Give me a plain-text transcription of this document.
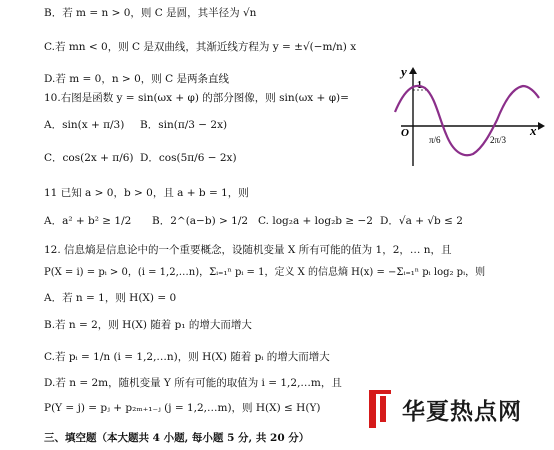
B．若 m = n > 0，则 C 是圆，其半径为 √n
C.若 mn < 0，则 C 是双曲线，其渐近线方程为 y = ±√(−m/n) x
D.若 m = 0，n > 0，则 C 是两条直线
10.右图是函数 y = sin(ωx + φ) 的部分图像，则 sin(ωx + φ)=
A．sin(x + π/3) B．sin(π/3 − 2x)
C．cos(2x + π/6) D．cos(5π/6 − 2x)
y
x
O
1
π/6	2π/3
11 已知 a > 0，b > 0，且 a + b = 1，则
A．a² + b² ≥ 1/2 B．2^(a−b) > 1/2 C. log₂a + log₂b ≥ −2 D．√a + √b ≤ 2
12. 信息熵是信息论中的一个重要概念，设随机变量 X 所有可能的值为 1，2，… n，且
P(X = i) = pᵢ > 0，(i = 1,2,…n)，Σᵢ₌₁ⁿ pᵢ = 1，定义 X 的信息熵 H(x) = −Σᵢ₌₁ⁿ pᵢ log₂ pᵢ，则
A．若 n = 1，则 H(X) = 0
B.若 n = 2，则 H(X) 随着 p₁ 的增大而增大
C.若 pᵢ = 1/n (i = 1,2,…n)，则 H(X) 随着 pᵢ 的增大而增大
D.若 n = 2m，随机变量 Y 所有可能的取值为 i = 1,2,…m，且
P(Y = j) = pⱼ + p₂ₘ₊₁₋ⱼ (j = 1,2,…m)，则 H(X) ≤ H(Y)
三、填空题（本大题共 4 小题, 每小题 5 分, 共 20 分）
华夏热点网
